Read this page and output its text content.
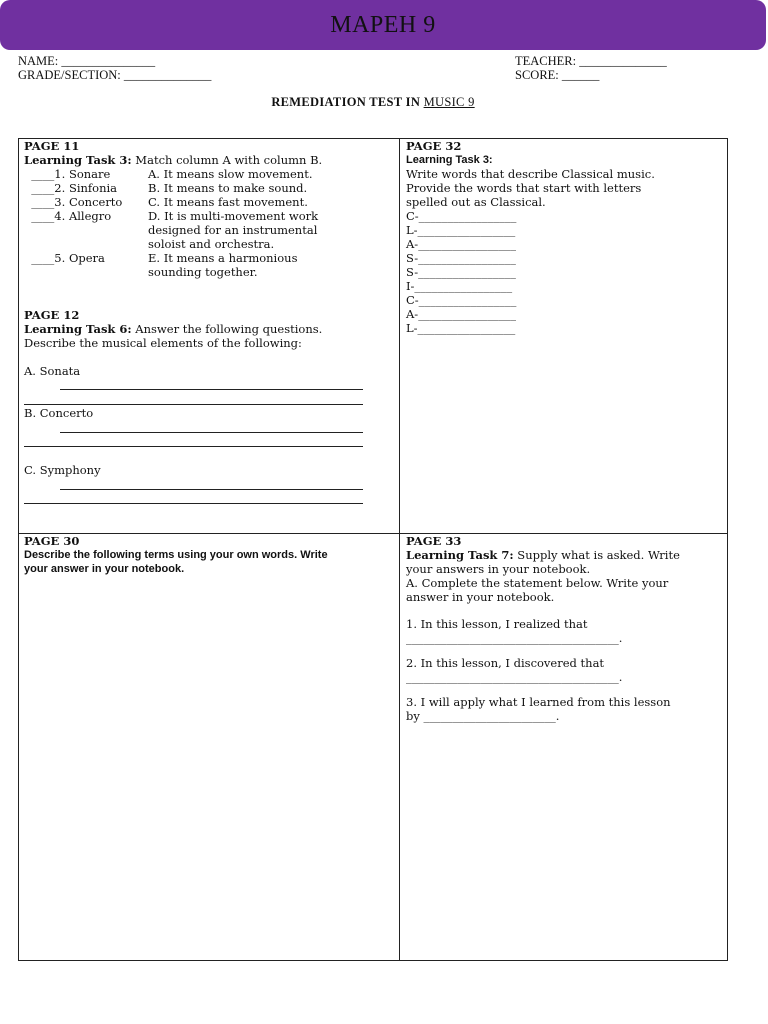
MAPEH 9
NAME: _______________
GRADE/SECTION: ______________
TEACHER: ______________
SCORE: ______
REMEDIATION TEST IN MUSIC 9
PAGE 11
Learning Task 3: Match column A with column B.
____1. Sonare	A. It means slow movement.
____2. Sinfonia	B. It means to make sound.
____3. Concerto	C. It means fast movement.
____4. Allegro	D. It is multi-movement work
designed for an instrumental
soloist and orchestra.
____5. Opera	E. It means a harmonious
sounding together.
PAGE 12
Learning Task 6: Answer the following questions.
Describe the musical elements of the following:
A. Sonata
B. Concerto
C. Symphony
PAGE 32
Learning Task 3:
Write words that describe Classical music.
Provide the words that start with letters
spelled out as Classical.
C-_________________
L-_________________
A-_________________
S-_________________
S-_________________
I-_________________
C-_________________
A-_________________
L-_________________
PAGE 30
Describe the following terms using your own words. Write
your answer in your notebook.
PAGE 33
Learning Task 7: Supply what is asked. Write
your answers in your notebook.
A. Complete the statement below. Write your
answer in your notebook.
1. In this lesson, I realized that
_____________________________________.
2. In this lesson, I discovered that
_____________________________________.
3. I will apply what I learned from this lesson
by _______________________.
